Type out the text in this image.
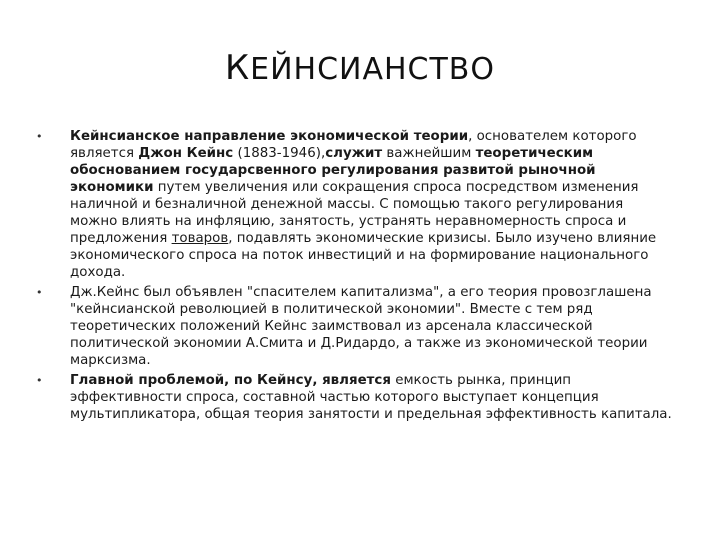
КЕЙНСИАНСТВО
•	Кейнсианское направление экономической теории, основателем которого является Джон Кейнс (1883-1946),служит важнейшим теоретическим обоснованием государсвенного регулирования развитой рыночной экономики путем увеличения или сокращения спроса посредством изменения наличной и безналичной денежной массы. С помощью такого регулирования можно влиять на инфляцию, занятость, устранять неравномерность спроса и предложения товаров, подавлять экономические кризисы. Было изучено влияние экономического спроса на поток инвестиций и на формирование национального дохода.
•	Дж.Кейнс был объявлен "спасителем капитализма", а его теория провозглашена "кейнсианской революцией в политической экономии". Вместе с тем ряд теоретических положений Кейнс заимствовал из арсенала классической политической экономии А.Смита и Д.Ридардо, а также из экономической теории марксизма.
•	Главной проблемой, по Кейнсу, является емкость рынка, принцип эффективности спроса, составной частью которого выступает концепция мультипликатора, общая теория занятости и предельная эффективность капитала.
